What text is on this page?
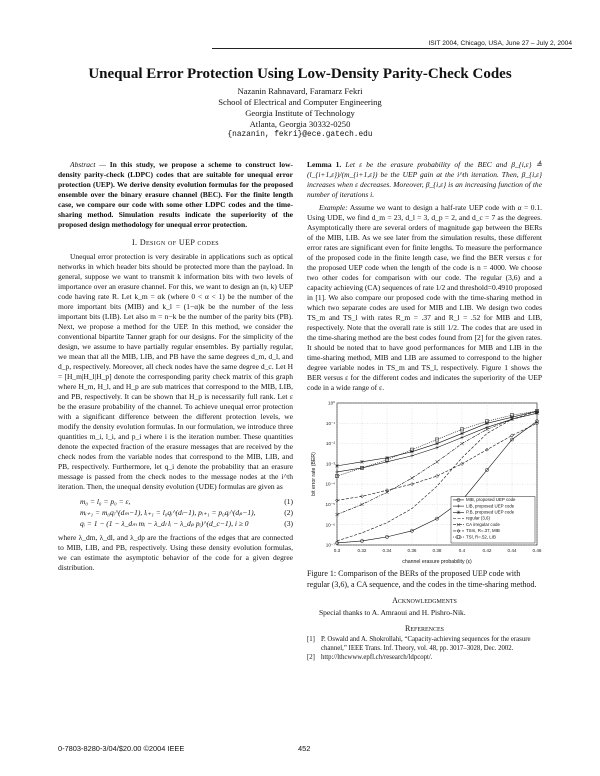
ISIT 2004, Chicago, USA, June 27 – July 2, 2004
Unequal Error Protection Using Low-Density Parity-Check Codes
Nazanin Rahnavard, Faramarz Fekri
School of Electrical and Computer Engineering
Georgia Institute of Technology
Atlanta, Georgia 30332-0250
{nazanin, fekri}@ece.gatech.edu

Abstract — In this study, we propose a scheme to construct low-density parity-check (LDPC) codes that are suitable for unequal error protection (UEP). We derive density evolution formulas for the proposed ensemble over the binary erasure channel (BEC). For the finite length case, we compare our code with some other LDPC codes and the time-sharing method. Simulation results indicate the superiority of the proposed design methodology for unequal error protection.

I. Design of UEP codes

Unequal error protection is very desirable in applications such as optical networks in which header bits should be protected more than the payload. In general, suppose we want to transmit k information bits with two levels of importance over an erasure channel. For this, we want to design an (n, k) UEP code having rate R. Let k_m = αk (where 0 < α < 1) be the number of the more important bits (MIB) and k_l = (1−α)k be the number of the less important bits (LIB). Let also m = n−k be the number of the parity bits (PB). Next, we propose a method for the UEP. In this method, we consider the conventional bipartite Tanner graph for our designs. For the simplicity of the design, we assume to have partially regular ensembles. By partially regular, we mean that all the MIB, LIB, and PB have the same degrees d_m, d_l, and d_p, respectively. Moreover, all check nodes have the same degree d_c. Let H = [H_m|H_l|H_p] denote the corresponding parity check matrix of this graph where H_m, H_l, and H_p are sub matrices that correspond to the MIB, LIB, and PB, respectively. It can be shown that H_p is necessarily full rank. Let ε be the erasure probability of the channel. To achieve unequal error protection with a significant difference between the different protection levels, we modify the density evolution formulas. In our formulation, we introduce three quantities m_i, l_i, and p_i where i is the iteration number. These quantities denote the expected fraction of the erasure messages that are received by the check nodes from the variable nodes that correspond to the MIB, LIB, and PB, respectively. Furthermore, let q_i denote the probability that an erasure message is passed from the check nodes to the message nodes at the i^th iteration. Then, the unequal density evolution (UDE) formulas are given as

m₀ = l₀ = p₀ = ε,	(1)
mᵢ₊₁ = m₀qᵢ^(dₘ−1), lᵢ₊₁ = l₀qᵢ^(dₗ−1), pᵢ₊₁ = p₀qᵢ^(dₚ−1),	(2)
qᵢ = 1 − (1 − λ_dₘ mᵢ − λ_dₗ lᵢ − λ_dₚ pᵢ)^(d_c−1), i ≥ 0	(3)

where λ_dm, λ_dl, and λ_dp are the fractions of the edges that are connected to MIB, LIB, and PB, respectively. Using these density evolution formulas, we can estimate the asymptotic behavior of the code for a given degree distribution.

Lemma 1. Let ε be the erasure probability of the BEC and β_{i,ε} ≜ (l_{i+1,ε})/(m_{i+1,ε}) be the UEP gain at the i^th iteration. Then, β_{i,ε} increases when ε decreases. Moreover, β_{i,ε} is an increasing function of the number of iterations i.

Example: Assume we want to design a half-rate UEP code with α = 0.1. Using UDE, we find d_m = 23, d_l = 3, d_p = 2, and d_c = 7 as the degrees. Asymptotically there are several orders of magnitude gap between the BERs of the MIB, LIB. As we see later from the simulation results, these different error rates are significant even for finite lengths. To measure the performance of the proposed code in the finite length case, we find the BER versus ε for the proposed UEP code when the length of the code is n = 4000. We choose two other codes for comparison with our code. The regular (3,6) and a capacity achieving (CA) sequences of rate 1/2 and threshold=0.4910 proposed in [1]. We also compare our proposed code with the time-sharing method in which two separate codes are used for MIB and LIB. We design two codes TS_m and TS_l with rates R_m = .37 and R_l = .52 for MIB and LIB, respectively. Note that the overall rate is still 1/2. The codes that are used in the time-sharing method are the best codes found from [2] for the given rates. It should be noted that to have good performances for MIB and LIB in the time-sharing method, MIB and LIB are assumed to correspond to the higher degree variable nodes in TS_m and TS_l, respectively. Figure 1 shows the BER versus ε for the different codes and indicates the superiority of the UEP code in a wide range of ε.

0.3	0.32	0.34	0.36	0.38	0.4	0.42	0.44	0.46
10⁻⁷
10⁻⁶
10⁻⁵
10⁻⁴
10⁻³
10⁻²
10⁻¹
10⁰
channel erasure probability (ε)
bit error rate (BER)
MIB, proposed UEP code
LIB, proposed UEP code
P.B, proposed UEP code
regular (3,6)
CA irregular code
TSm, R=.37, MIB
TSl, R=.52, LIB
Figure 1: Comparison of the BERs of the proposed UEP code with regular (3,6), a CA sequence, and the codes in the time-sharing method.
Acknowledgments
Special thanks to A. Amraoui and H. Pishro-Nik.
References
[1] P. Oswald and A. Shokrollahi, “Capacity-achieving sequences for the erasure channel,” IEEE Trans. Inf. Theory, vol. 48, pp. 3017–3028, Dec. 2002.
[2] http://lthcwww.epfl.ch/research/ldpcopt/.
0-7803-8280-3/04/$20.00 ©2004 IEEE	452
